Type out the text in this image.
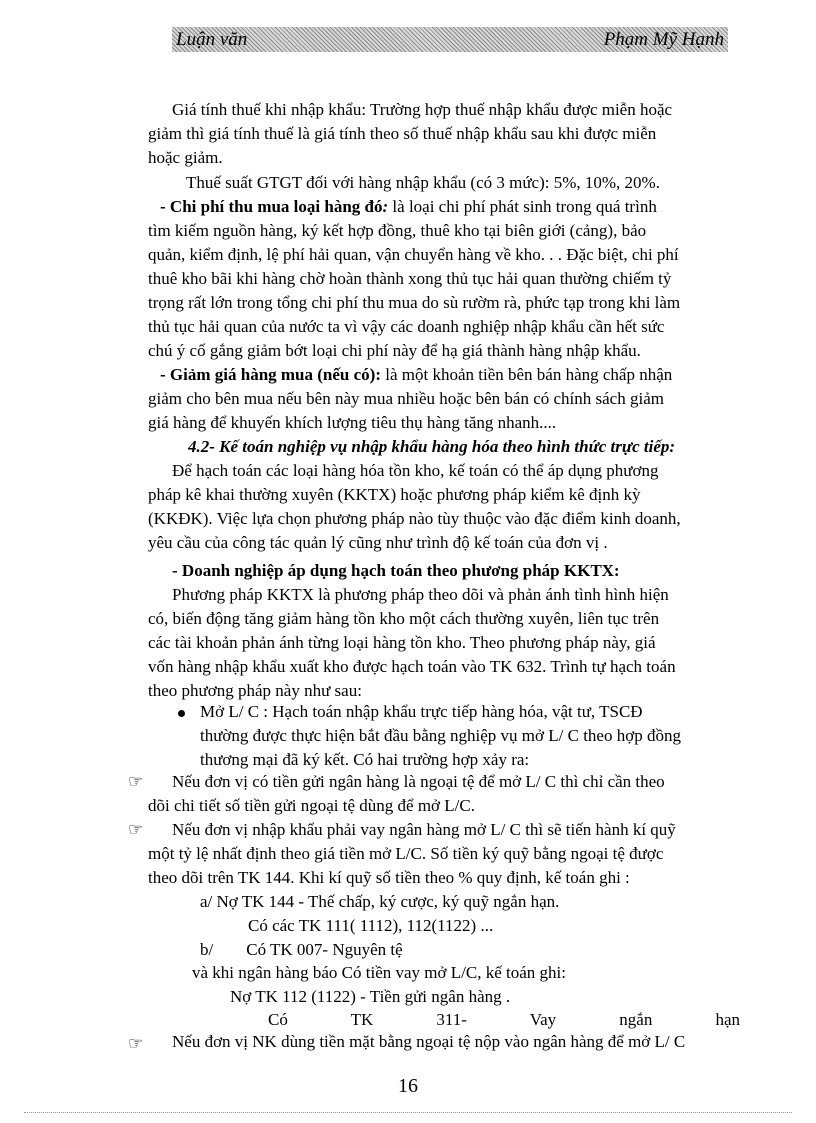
Luận văn	Phạm Mỹ Hạnh
Giá tính thuế khi nhập khẩu: Trường hợp thuế nhập khẩu được miễn hoặc
giảm thì giá tính thuế là giá tính theo số thuế nhập khẩu sau khi được miễn
hoặc giảm.
Thuế suất GTGT đối với hàng nhập khẩu (có 3 mức): 5%, 10%, 20%.
- Chi phí thu mua loại hàng đó: là loại chi phí phát sinh trong quá trình
tìm kiếm nguồn hàng, ký kết hợp đồng, thuê kho tại biên giới (cảng), bảo
quản, kiểm định, lệ phí hải quan, vận chuyển hàng về kho. . . Đặc biệt, chi phí
thuê kho bãi khi hàng chờ hoàn thành xong thủ tục hải quan thường chiếm tỷ
trọng rất lớn trong tổng chi phí thu mua do sù rườm rà, phức tạp trong khi làm
thủ tục hải quan của nước ta vì vậy các doanh nghiệp nhập khẩu cần hết sức
chú ý cố gắng giảm bớt loại chi phí này để hạ giá thành hàng nhập khẩu.
- Giảm giá hàng mua (nếu có): là một khoản tiền bên bán hàng chấp nhận
giảm cho bên mua nếu bên này mua nhiều hoặc bên bán có chính sách giảm
giá hàng để khuyến khích lượng tiêu thụ hàng tăng nhanh....
4.2- Kế toán nghiệp vụ nhập khẩu hàng hóa theo hình thức trực tiếp:
Để hạch toán các loại hàng hóa tồn kho, kế toán có thể áp dụng phương
pháp kê khai thường xuyên (KKTX) hoặc phương pháp kiểm kê định kỳ
(KKĐK). Việc lựa chọn phương pháp nào tùy thuộc vào đặc điểm kinh doanh,
yêu cầu của công tác quản lý cũng như trình độ kế toán của đơn vị .
- Doanh nghiệp áp dụng hạch toán theo phương pháp KKTX:
Phương pháp KKTX là phương pháp theo dõi và phản ánh tình hình hiện
có, biến động tăng giảm hàng tồn kho một cách thường xuyên, liên tục trên
các tài khoản phản ánh từng loại hàng tồn kho. Theo phương pháp này, giá
vốn hàng nhập khẩu xuất kho được hạch toán vào TK 632. Trình tự hạch toán
theo phương pháp này như sau:
Mở L/ C : Hạch toán nhập khẩu trực tiếp hàng hóa, vật tư, TSCĐ
thường được thực hiện bắt đầu bằng nghiệp vụ mở L/ C theo hợp đồng
thương mại đã ký kết. Có hai trường hợp xảy ra:
☞ Nếu đơn vị có tiền gửi ngân hàng là ngoại tệ để mở L/ C thì chỉ cần theo
dõi chi tiết số tiền gửi ngoại tệ dùng để mở L/C.
☞ Nếu đơn vị nhập khẩu phải vay ngân hàng mở L/ C thì sẽ tiến hành kí quỹ
một tỷ lệ nhất định theo giá tiền mở L/C. Số tiền ký quỹ bằng ngoại tệ được
theo dõi trên TK 144. Khi kí quỹ số tiền theo % quy định, kế toán ghi :
a/ Nợ TK 144 - Thế chấp, ký cược, ký quỹ ngắn hạn.
Có các TK 111( 1112), 112(1122) ...
b/ Có TK 007- Nguyên tệ
và khi ngân hàng báo Có tiền vay mở L/C, kế toán ghi:
Nợ TK 112 (1122) - Tiền gửi ngân hàng .
Có TK 311- Vay ngắn hạn
☞ Nếu đơn vị NK dùng tiền mặt bằng ngoại tệ nộp vào ngân hàng để mở L/ C
16
